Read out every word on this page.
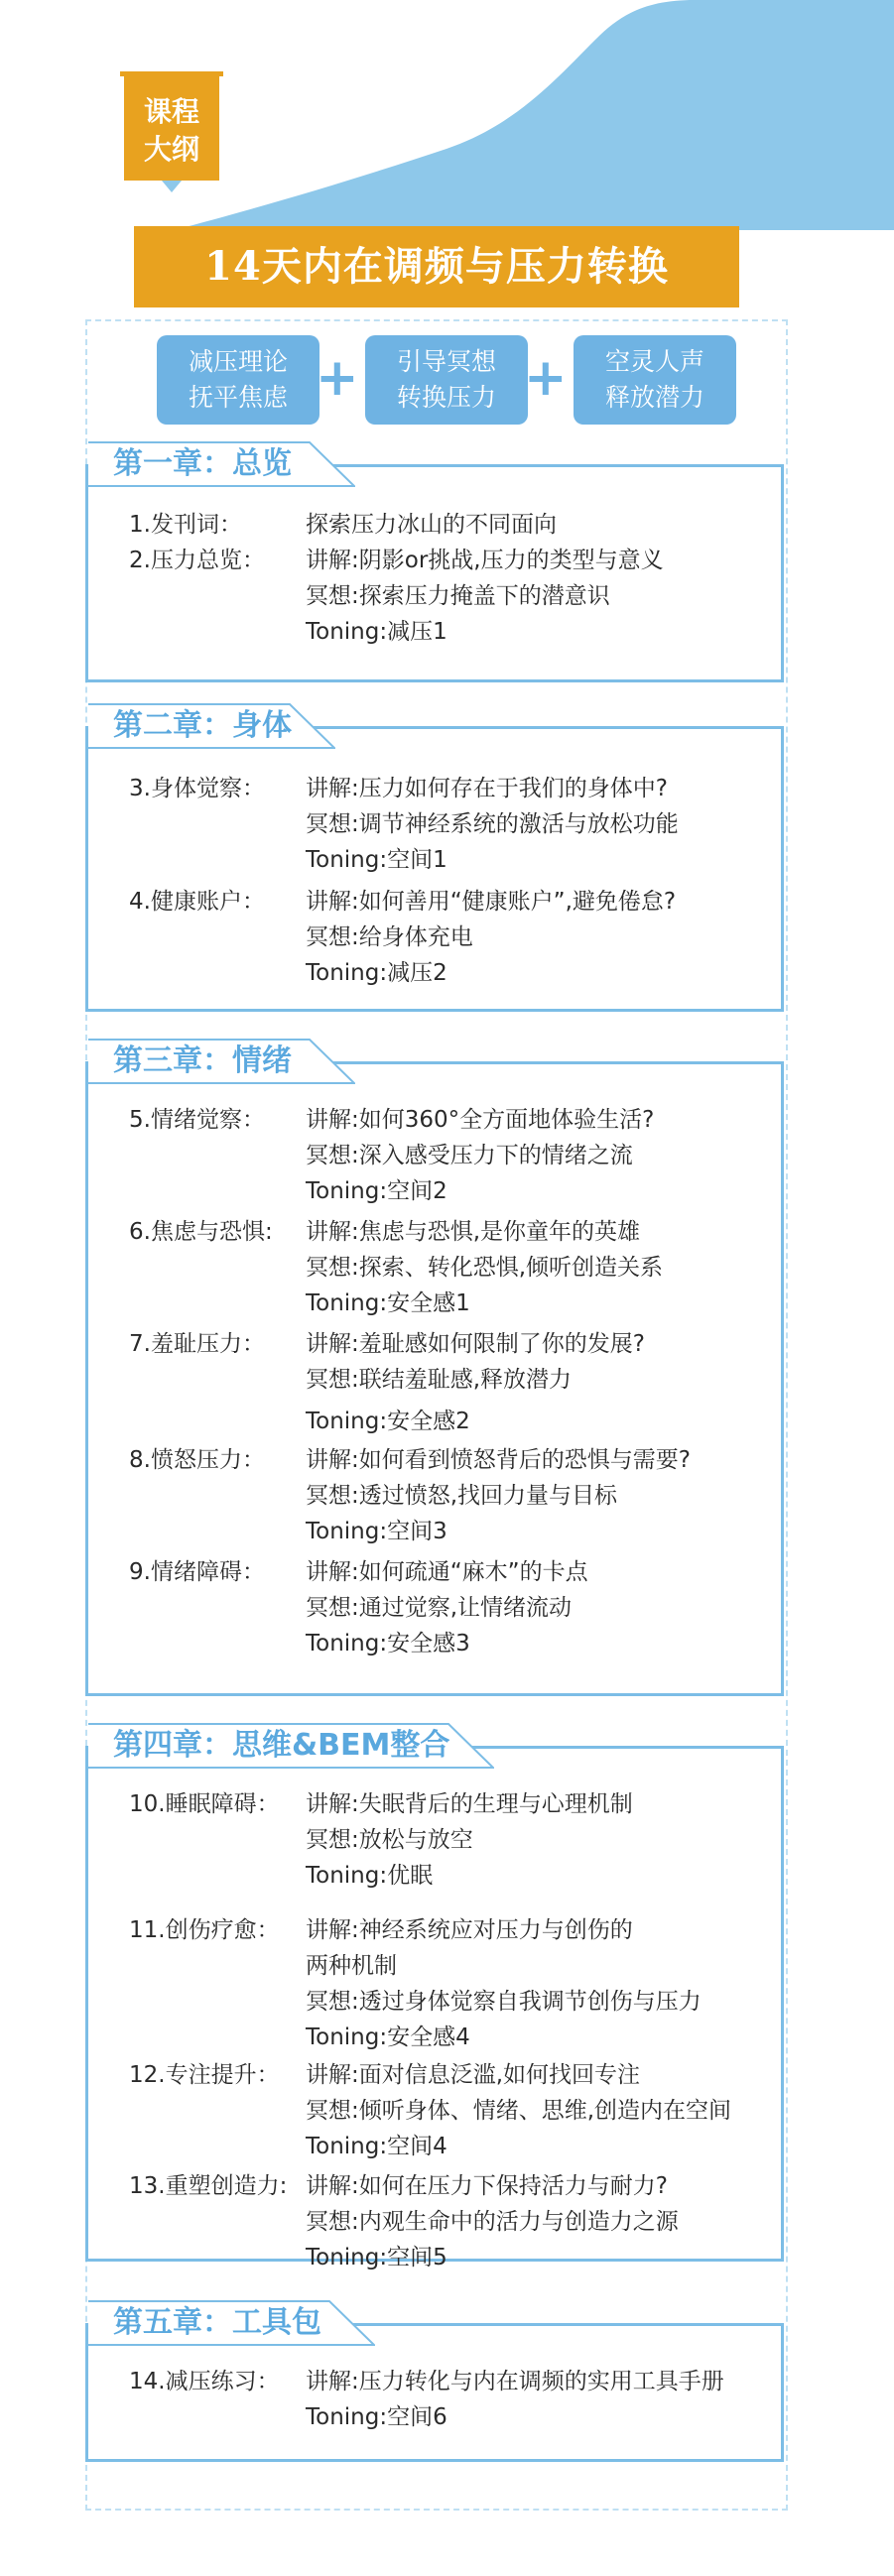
课程
大纲
14天内在调频与压力转换
减压理论
抚平焦虑 +	引导冥想
转换压力 +	空灵人声
释放潜力
第一章：总览
1.发刊词：	探索压力冰山的不同面向
2.压力总览： 讲解:阴影or挑战,压力的类型与意义
冥想:探索压力掩盖下的潜意识
Toning:减压1
第二章：身体
3.身体觉察： 讲解:压力如何存在于我们的身体中?
冥想:调节神经系统的激活与放松功能
Toning:空间1
4.健康账户： 讲解:如何善用“健康账户”,避免倦怠?
冥想:给身体充电
Toning:减压2
第三章：情绪
5.情绪觉察： 讲解:如何360°全方面地体验生活?
冥想:深入感受压力下的情绪之流
Toning:空间2
6.焦虑与恐惧: 讲解:焦虑与恐惧,是你童年的英雄
冥想:探索、转化恐惧,倾听创造关系
Toning:安全感1
7.羞耻压力： 讲解:羞耻感如何限制了你的发展?
冥想:联结羞耻感,释放潜力
Toning:安全感2
8.愤怒压力： 讲解:如何看到愤怒背后的恐惧与需要?
冥想:透过愤怒,找回力量与目标
Toning:空间3
9.情绪障碍： 讲解:如何疏通“麻木”的卡点
冥想:通过觉察,让情绪流动
Toning:安全感3
第四章：思维&BEM整合
10.睡眠障碍： 讲解:失眠背后的生理与心理机制
冥想:放松与放空
Toning:优眠
11.创伤疗愈： 讲解:神经系统应对压力与创伤的
两种机制
冥想:透过身体觉察自我调节创伤与压力
Toning:安全感4
12.专注提升： 讲解:面对信息泛滥,如何找回专注
冥想:倾听身体、情绪、思维,创造内在空间
Toning:空间4
13.重塑创造力: 讲解:如何在压力下保持活力与耐力?
冥想:内观生命中的活力与创造力之源
Toning:空间5
第五章：工具包
14.减压练习： 讲解:压力转化与内在调频的实用工具手册
Toning:空间6
